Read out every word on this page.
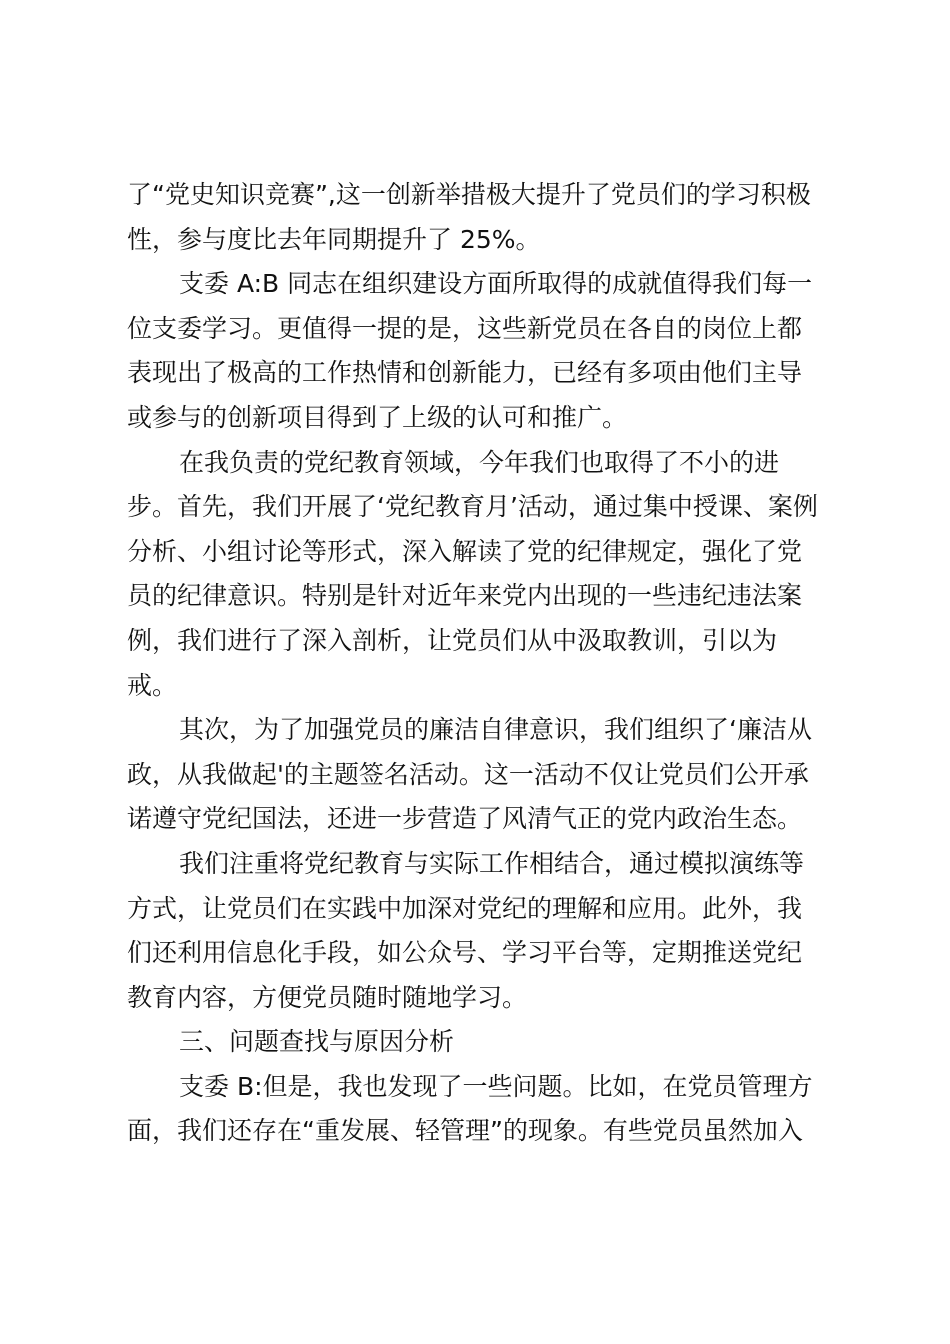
了“党史知识竞赛”,这一创新举措极大提升了党员们的学习积极
性，参与度比去年同期提升了 25%。
支委 A:B 同志在组织建设方面所取得的成就值得我们每一
位支委学习。更值得一提的是，这些新党员在各自的岗位上都
表现出了极高的工作热情和创新能力，已经有多项由他们主导
或参与的创新项目得到了上级的认可和推广。
在我负责的党纪教育领域，今年我们也取得了不小的进
步。首先，我们开展了‘党纪教育月’活动，通过集中授课、案例
分析、小组讨论等形式，深入解读了党的纪律规定，强化了党
员的纪律意识。特别是针对近年来党内出现的一些违纪违法案
例，我们进行了深入剖析，让党员们从中汲取教训，引以为
戒。
其次，为了加强党员的廉洁自律意识，我们组织了‘廉洁从
政，从我做起'的主题签名活动。这一活动不仅让党员们公开承
诺遵守党纪国法，还进一步营造了风清气正的党内政治生态。
我们注重将党纪教育与实际工作相结合，通过模拟演练等
方式，让党员们在实践中加深对党纪的理解和应用。此外，我
们还利用信息化手段，如公众号、学习平台等，定期推送党纪
教育内容，方便党员随时随地学习。
三、问题查找与原因分析
支委 B:但是，我也发现了一些问题。比如，在党员管理方
面，我们还存在“重发展、轻管理”的现象。有些党员虽然加入
